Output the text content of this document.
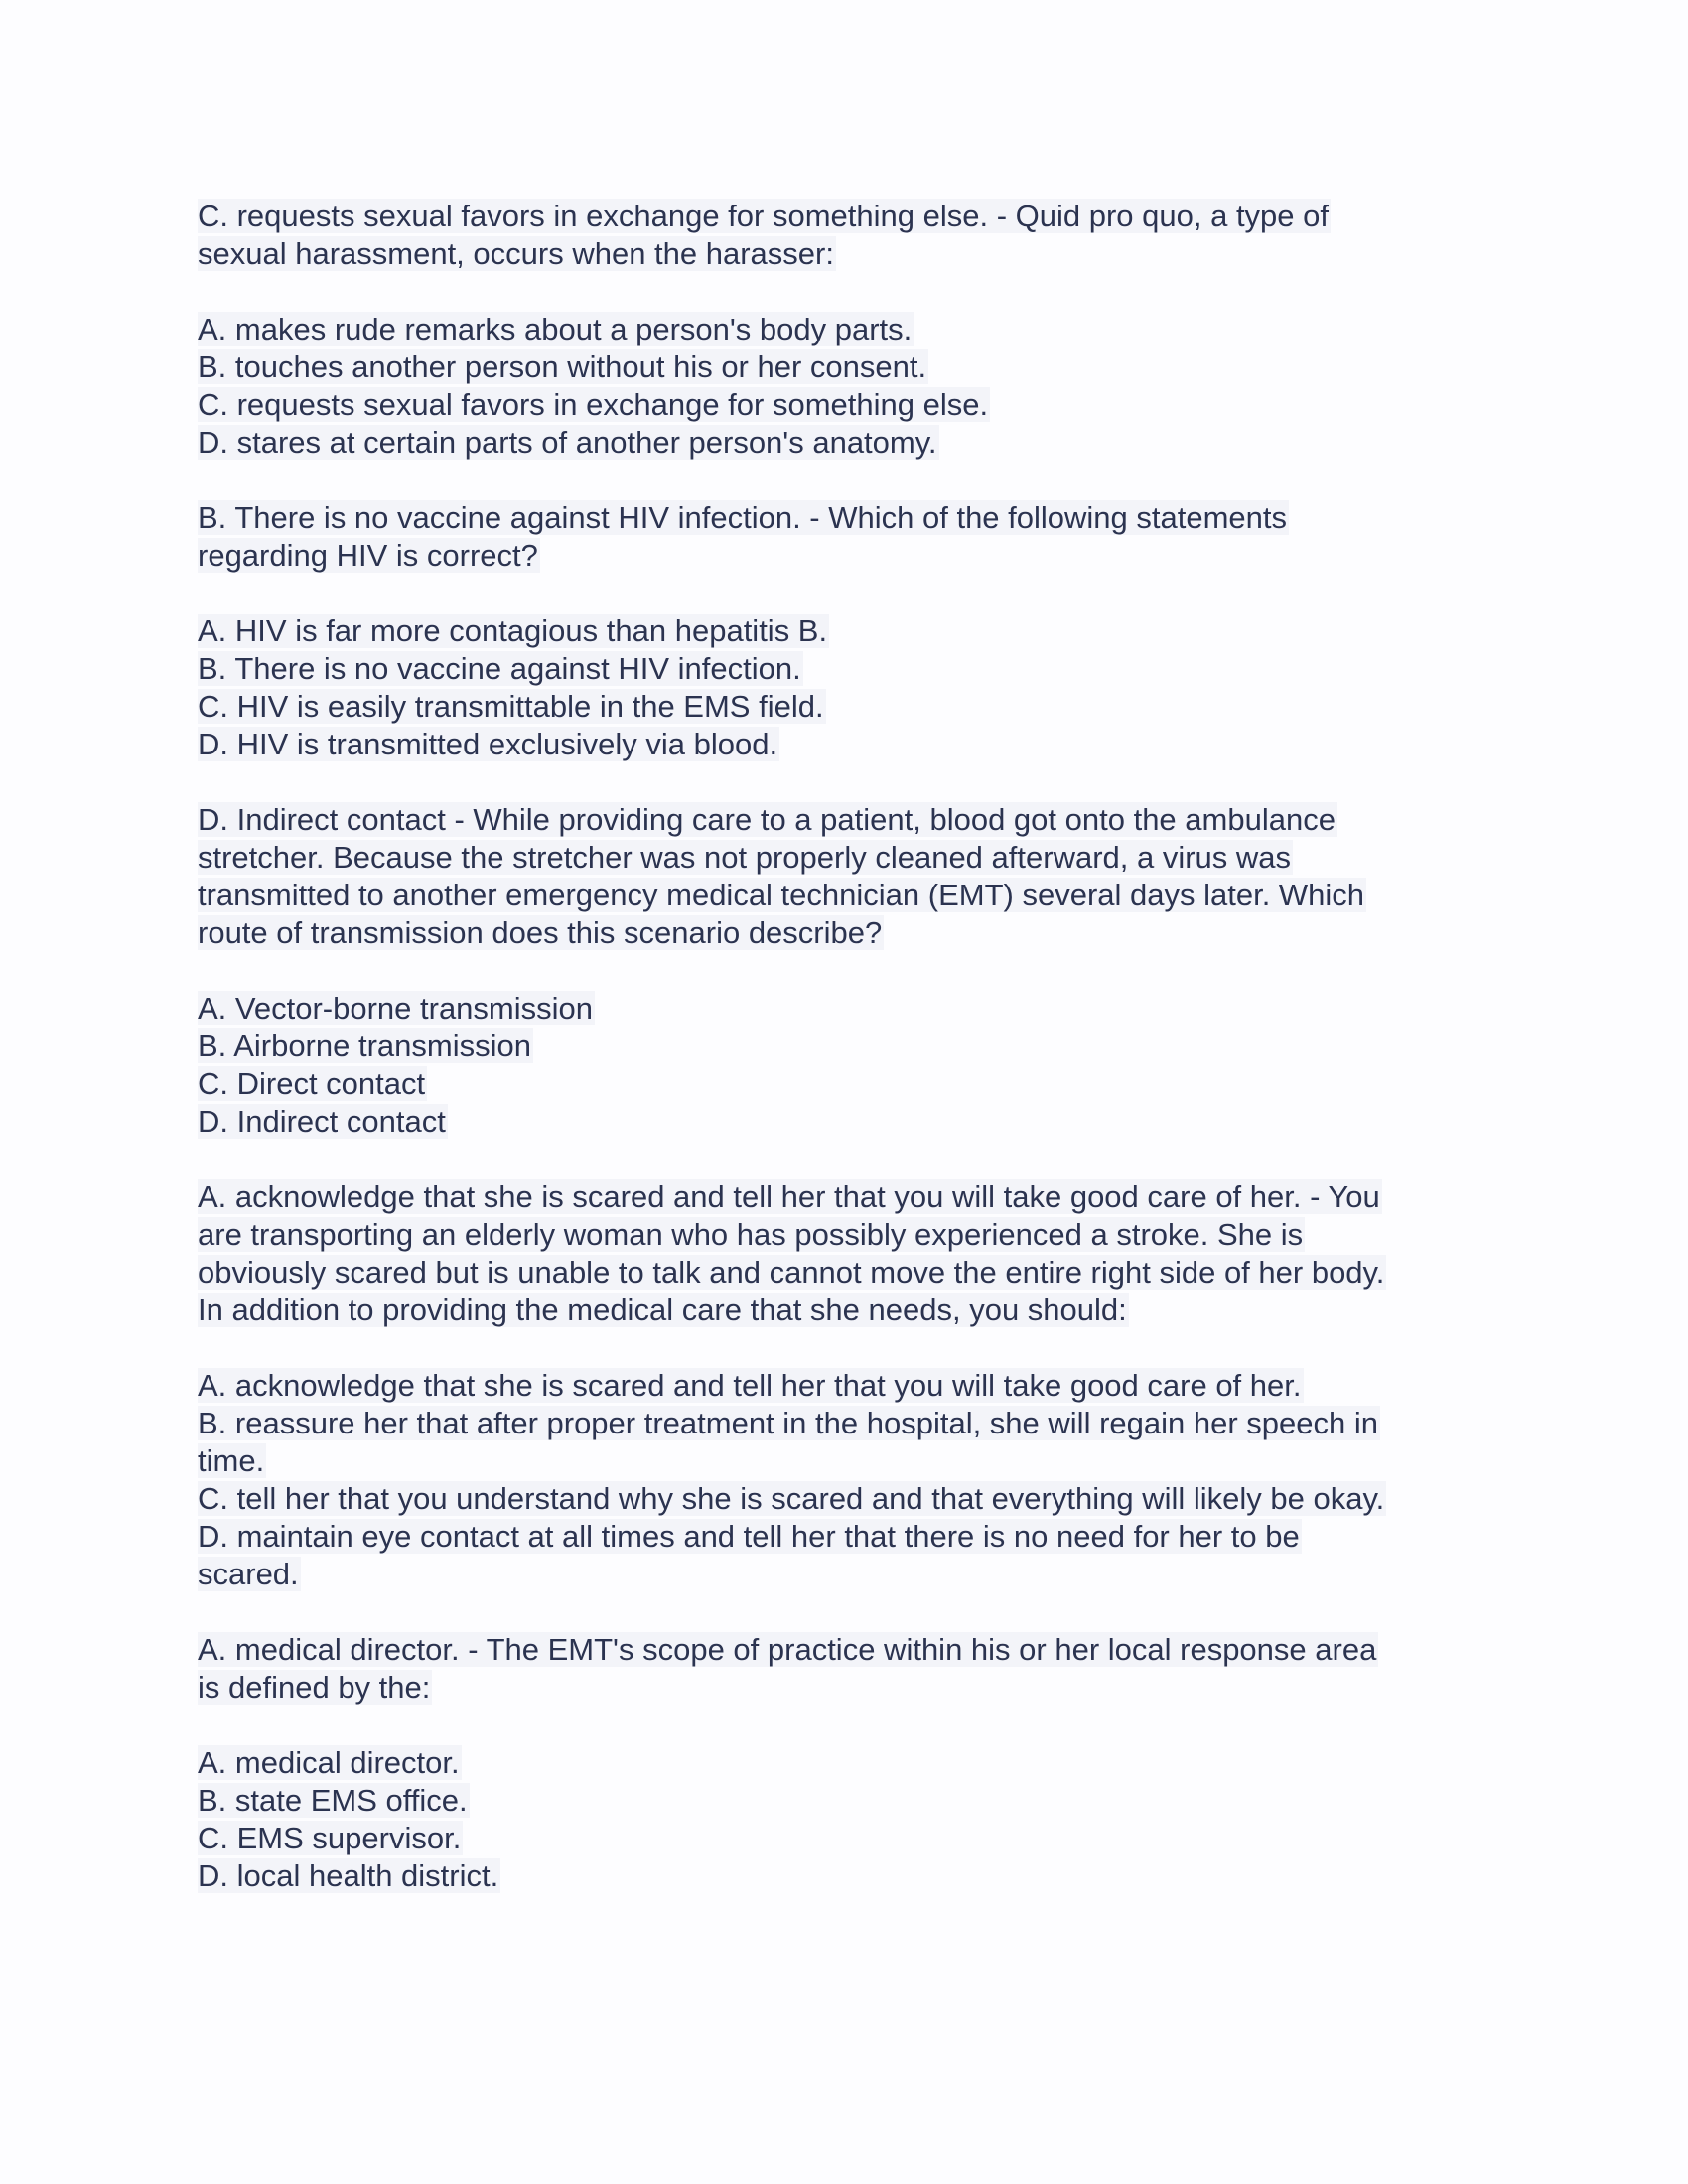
C. requests sexual favors in exchange for something else. - Quid pro quo, a type of
sexual harassment, occurs when the harasser:
A. makes rude remarks about a person's body parts.
B. touches another person without his or her consent.
C. requests sexual favors in exchange for something else.
D. stares at certain parts of another person's anatomy.
B. There is no vaccine against HIV infection. - Which of the following statements
regarding HIV is correct?
A. HIV is far more contagious than hepatitis B.
B. There is no vaccine against HIV infection.
C. HIV is easily transmittable in the EMS field.
D. HIV is transmitted exclusively via blood.
D. Indirect contact - While providing care to a patient, blood got onto the ambulance
stretcher. Because the stretcher was not properly cleaned afterward, a virus was
transmitted to another emergency medical technician (EMT) several days later. Which
route of transmission does this scenario describe?
A. Vector-borne transmission
B. Airborne transmission
C. Direct contact
D. Indirect contact
A. acknowledge that she is scared and tell her that you will take good care of her. - You
are transporting an elderly woman who has possibly experienced a stroke. She is
obviously scared but is unable to talk and cannot move the entire right side of her body.
In addition to providing the medical care that she needs, you should:
A. acknowledge that she is scared and tell her that you will take good care of her.
B. reassure her that after proper treatment in the hospital, she will regain her speech in
time.
C. tell her that you understand why she is scared and that everything will likely be okay.
D. maintain eye contact at all times and tell her that there is no need for her to be
scared.
A. medical director. - The EMT's scope of practice within his or her local response area
is defined by the:
A. medical director.
B. state EMS office.
C. EMS supervisor.
D. local health district.
